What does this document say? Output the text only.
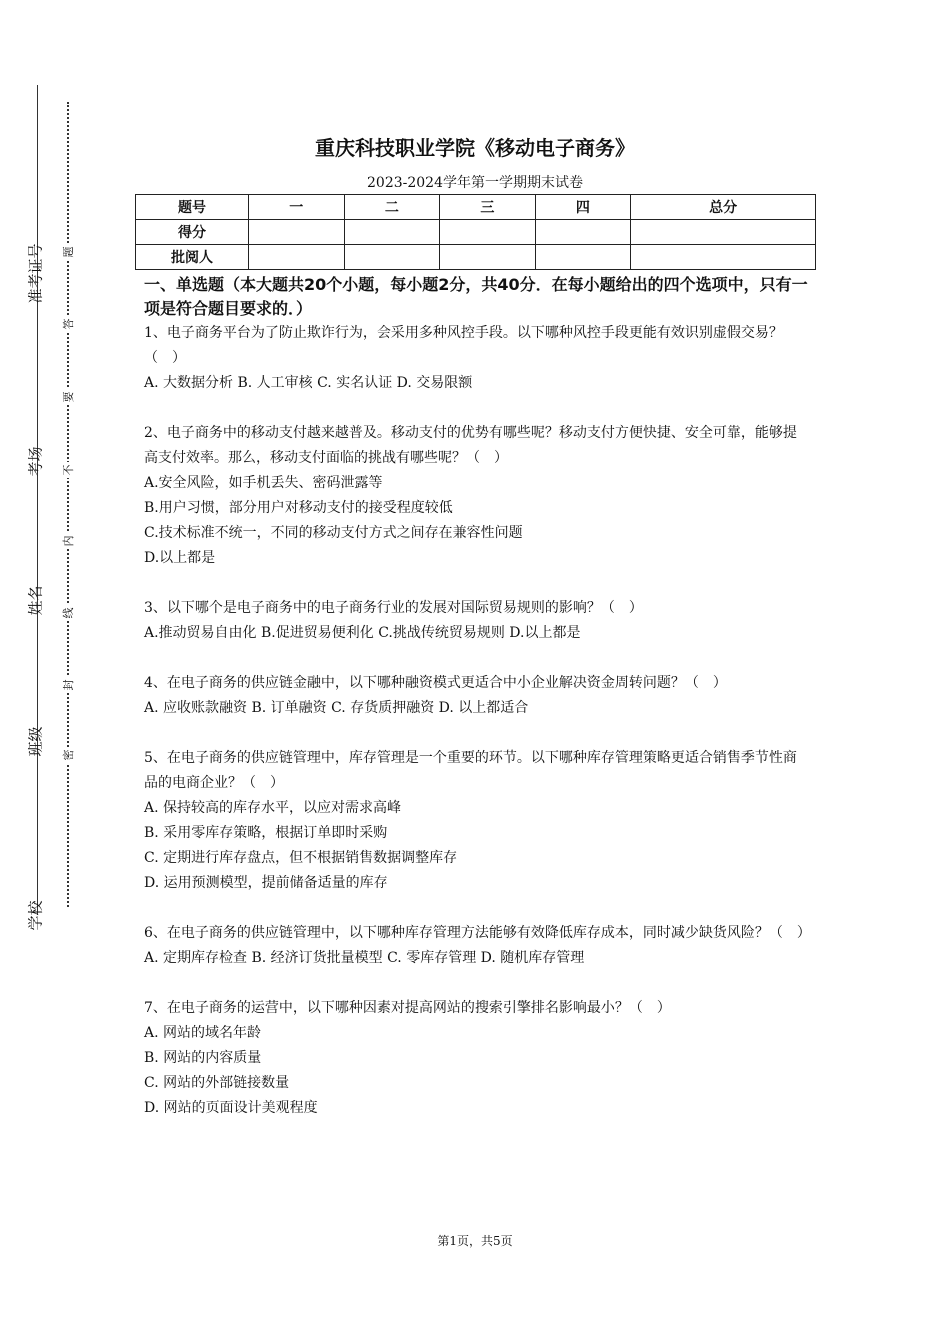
准考证号
考场
姓名
班级
学校
题
答
要
不
内
线
封
密
重庆科技职业学院《移动电子商务》
2023-2024学年第一学期期末试卷
题号	一	二	三	四	总分
得分					
批阅人					
一、单选题（本大题共20个小题，每小题2分，共40分．在每小题给出的四个选项中，只有一项是符合题目要求的．）
1、电子商务平台为了防止欺诈行为，会采用多种风控手段。以下哪种风控手段更能有效识别虚假交易？（　）
A. 大数据分析 B. 人工审核 C. 实名认证 D. 交易限额
2、电子商务中的移动支付越来越普及。移动支付的优势有哪些呢？移动支付方便快捷、安全可靠，能够提高支付效率。那么，移动支付面临的挑战有哪些呢？（　）
A.安全风险，如手机丢失、密码泄露等
B.用户习惯，部分用户对移动支付的接受程度较低
C.技术标准不统一，不同的移动支付方式之间存在兼容性问题
D.以上都是
3、以下哪个是电子商务中的电子商务行业的发展对国际贸易规则的影响？（　）
A.推动贸易自由化 B.促进贸易便利化 C.挑战传统贸易规则 D.以上都是
4、在电子商务的供应链金融中，以下哪种融资模式更适合中小企业解决资金周转问题？（　）
A. 应收账款融资 B. 订单融资 C. 存货质押融资 D. 以上都适合
5、在电子商务的供应链管理中，库存管理是一个重要的环节。以下哪种库存管理策略更适合销售季节性商品的电商企业？（　）
A. 保持较高的库存水平，以应对需求高峰
B. 采用零库存策略，根据订单即时采购
C. 定期进行库存盘点，但不根据销售数据调整库存
D. 运用预测模型，提前储备适量的库存
6、在电子商务的供应链管理中，以下哪种库存管理方法能够有效降低库存成本，同时减少缺货风险？（　）
A. 定期库存检查 B. 经济订货批量模型 C. 零库存管理 D. 随机库存管理
7、在电子商务的运营中，以下哪种因素对提高网站的搜索引擎排名影响最小？（　）
A. 网站的域名年龄
B. 网站的内容质量
C. 网站的外部链接数量
D. 网站的页面设计美观程度
第1页，共5页
